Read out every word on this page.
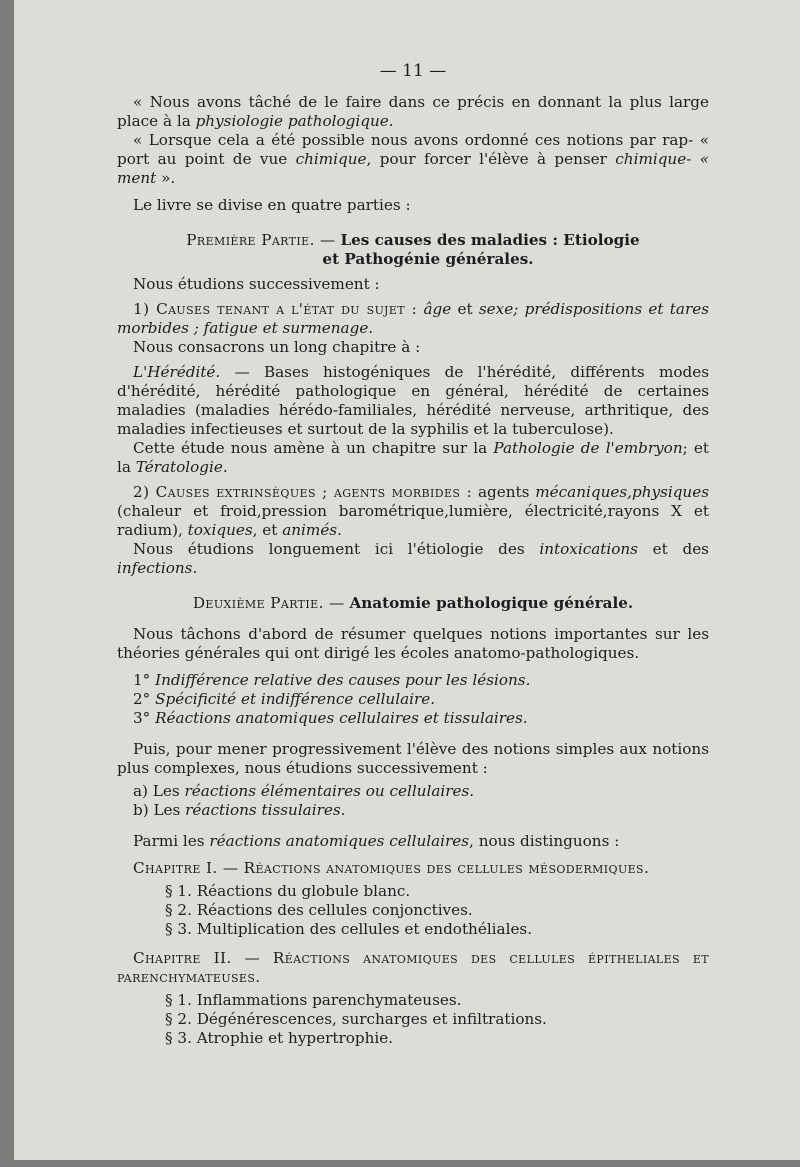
— 11 —

« Nous avons tâché de le faire dans ce précis en donnant la plus large place à la physiologie pathologique.

« Lorsque cela a été possible nous avons ordonné ces notions par rap- « port au point de vue chimique, pour forcer l'élève à penser chimique- « ment ».

Le livre se divise en quatre parties :

Première Partie. — Les causes des maladies : Etiologie

et Pathogénie générales.

Nous étudions successivement :

1) Causes tenant a l'état du sujet : âge et sexe; prédispositions et tares morbides ; fatigue et surmenage.

Nous consacrons un long chapitre à :

L'Hérédité. — Bases histogéniques de l'hérédité, différents modes d'hérédité, hérédité pathologique en général, hérédité de certaines maladies (maladies hérédo-familiales, hérédité nerveuse, arthritique, des maladies infectieuses et surtout de la syphilis et la tuberculose).

Cette étude nous amène à un chapitre sur la Pathologie de l'embryon; et la Tératologie.

2) Causes extrinsèques ; agents morbides : agents mécaniques,physiques (chaleur et froid,pression barométrique,lumière, électricité,rayons X et radium), toxiques, et animés.

Nous étudions longuement ici l'étiologie des intoxications et des infections.

Deuxième Partie. — Anatomie pathologique générale.

Nous tâchons d'abord de résumer quelques notions importantes sur les théories générales qui ont dirigé les écoles anatomo-pathologiques.

1° Indifférence relative des causes pour les lésions.

2° Spécificité et indifférence cellulaire.

3° Réactions anatomiques cellulaires et tissulaires.

Puis, pour mener progressivement l'élève des notions simples aux notions plus complexes, nous étudions successivement :

a) Les réactions élémentaires ou cellulaires.

b) Les réactions tissulaires.

Parmi les réactions anatomiques cellulaires, nous distinguons :

Chapitre I. — Réactions anatomiques des cellules mésodermiques.

§ 1. Réactions du globule blanc.

§ 2. Réactions des cellules conjonctives.

§ 3. Multiplication des cellules et endothéliales.

Chapitre II. — Réactions anatomiques des cellules épitheliales et parenchymateuses.

§ 1. Inflammations parenchymateuses.

§ 2. Dégénérescences, surcharges et infiltrations.

§ 3. Atrophie et hypertrophie.
